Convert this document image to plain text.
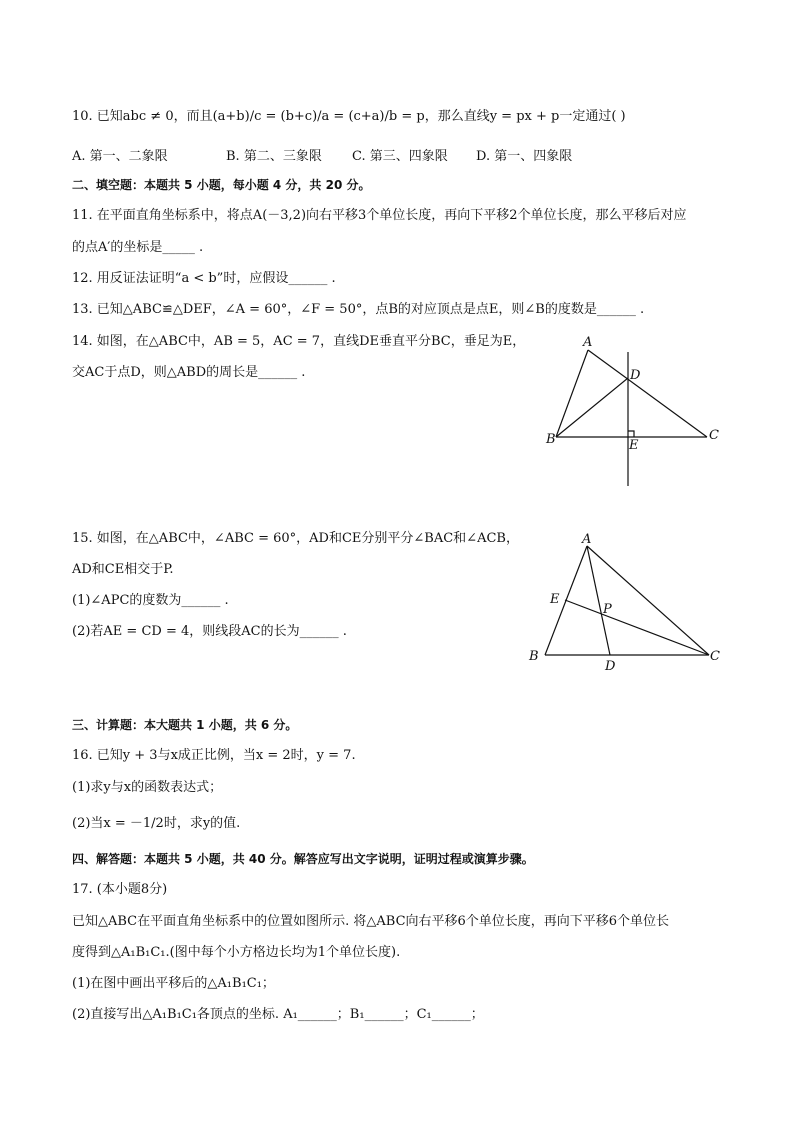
10. 已知abc ≠ 0，而且(a+b)/c = (b+c)/a = (c+a)/b = p，那么直线y = px + p一定通过( )
A. 第一、二象限	B. 第二、三象限 C. 第三、四象限 D. 第一、四象限
二、填空题：本题共 5 小题，每小题 4 分，共 20 分。
11. 在平面直角坐标系中，将点A(－3,2)向右平移3个单位长度，再向下平移2个单位长度，那么平移后对应
的点A′的坐标是_____ .
12. 用反证法证明“a < b”时，应假设______ .
13. 已知△ABC≌△DEF，∠A = 60°，∠F = 50°，点B的对应顶点是点E，则∠B的度数是______ .
14. 如图，在△ABC中，AB = 5，AC = 7，直线DE垂直平分BC，垂足为E，
交AC于点D，则△ABD的周长是______ .
A
B	C
D
E
15. 如图，在△ABC中，∠ABC = 60°，AD和CE分别平分∠BAC和∠ACB，
AD和CE相交于P.
(1)∠APC的度数为______ .
(2)若AE = CD = 4，则线段AC的长为______ .
A
B	C
D
E
P
三、计算题：本大题共 1 小题，共 6 分。
16. 已知y + 3与x成正比例，当x = 2时，y = 7.
(1)求y与x的函数表达式；
(2)当x = －1/2时，求y的值.
四、解答题：本题共 5 小题，共 40 分。解答应写出文字说明，证明过程或演算步骤。
17. (本小题8分)
已知△ABC在平面直角坐标系中的位置如图所示. 将△ABC向右平移6个单位长度，再向下平移6个单位长
度得到△A₁B₁C₁.(图中每个小方格边长均为1个单位长度).
(1)在图中画出平移后的△A₁B₁C₁；
(2)直接写出△A₁B₁C₁各顶点的坐标. A₁______；B₁______；C₁______；
